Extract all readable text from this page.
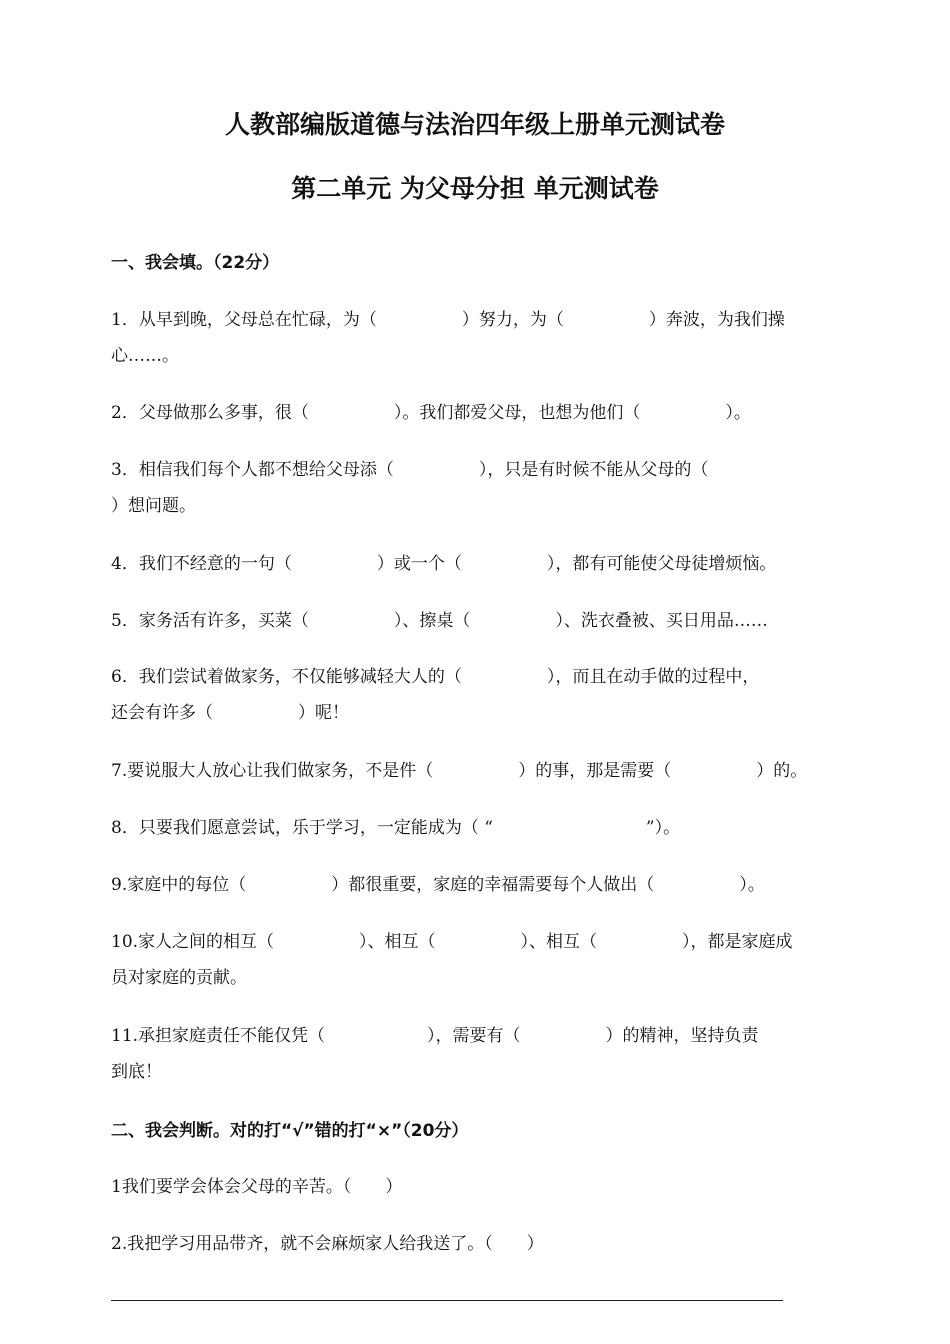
人教部编版道德与法治四年级上册单元测试卷
第二单元 为父母分担 单元测试卷
一、我会填。（22分）
1．从早到晚，父母总在忙碌，为（　　　　　）努力，为（　　　　　）奔波，为我们操
心……。
2．父母做那么多事，很（　　　　　）。我们都爱父母，也想为他们（　　　　　）。
3．相信我们每个人都不想给父母添（　　　　　），只是有时候不能从父母的（
）想问题。
4．我们不经意的一句（　　　　　）或一个（　　　　　），都有可能使父母徒增烦恼。
5．家务活有许多，买菜（　　　　　）、擦桌（　　　　　）、洗衣叠被、买日用品……
6．我们尝试着做家务，不仅能够减轻大人的（　　　　　），而且在动手做的过程中，
还会有许多（　　　　　）呢！
7.要说服大人放心让我们做家务，不是件（　　　　　）的事，那是需要（　　　　　）的。
8．只要我们愿意尝试，乐于学习，一定能成为（ “　　　　　　　　　”）。
9.家庭中的每位（　　　　　）都很重要，家庭的幸福需要每个人做出（　　　　　）。
10.家人之间的相互（　　　　　）、相互（　　　　　）、相互（　　　　　），都是家庭成
员对家庭的贡献。
11.承担家庭责任不能仅凭（　　　　　　），需要有（　　　　　）的精神，坚持负责
到底！
二、我会判断。对的打“√”错的打“×”（20分）
1我们要学会体会父母的辛苦。（　　）
2.我把学习用品带齐，就不会麻烦家人给我送了。（　　）
